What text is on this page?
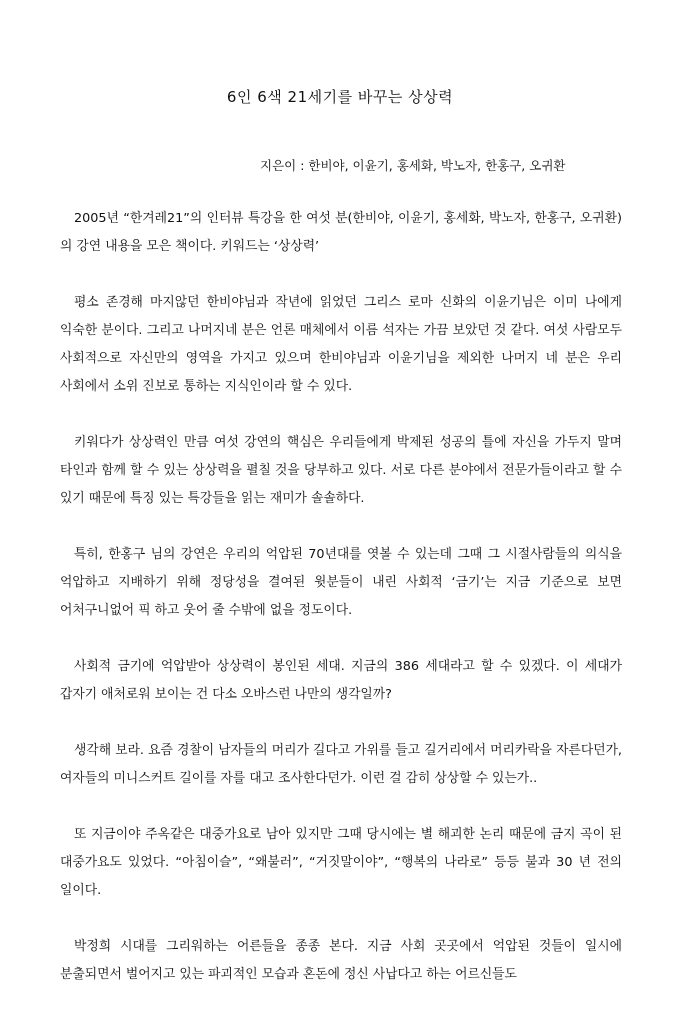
6인 6색 21세기를 바꾸는 상상력

지은이 : 한비야, 이윤기, 홍세화, 박노자, 한홍구, 오귀환

2005년 “한겨레21”의 인터뷰 특강을 한 여섯 분(한비야, 이윤기, 홍세화, 박노자, 한홍구, 오귀환)의 강연 내용을 모은 책이다. 키워드는 ‘상상력’

평소 존경해 마지않던 한비야님과 작년에 읽었던 그리스 로마 신화의 이윤기님은 이미 나에게 익숙한 분이다. 그리고 나머지네 분은 언론 매체에서 이름 석자는 가끔 보았던 것 같다. 여섯 사람모두 사회적으로 자신만의 영역을 가지고 있으며 한비야님과 이윤기님을 제외한 나머지 네 분은 우리 사회에서 소위 진보로 통하는 지식인이라 할 수 있다.

키워다가 상상력인 만큼 여섯 강연의 핵심은 우리들에게 박제된 성공의 틀에 자신을 가두지 말며 타인과 함께 할 수 있는 상상력을 펼칠 것을 당부하고 있다. 서로 다른 분야에서 전문가들이라고 할 수 있기 때문에 특징 있는 특강들을 읽는 재미가 솔솔하다.

특히, 한홍구 님의 강연은 우리의 억압된 70년대를 엿볼 수 있는데 그때 그 시절사람들의 의식을 억압하고 지배하기 위해 정당성을 결여된 윗분들이 내린 사회적 ‘금기’는 지금 기준으로 보면 어처구니없어 픽 하고 웃어 줄 수밖에 없을 정도이다.

사회적 금기에 억압받아 상상력이 봉인된 세대. 지금의 386 세대라고 할 수 있겠다. 이 세대가 갑자기 애처로워 보이는 건 다소 오바스런 나만의 생각일까?

생각해 보라. 요즘 경찰이 남자들의 머리가 길다고 가위를 들고 길거리에서 머리카락을 자른다던가, 여자들의 미니스커트 길이를 자를 대고 조사한다던가. 이런 걸 감히 상상할 수 있는가..

또 지금이야 주옥같은 대중가요로 남아 있지만 그때 당시에는 별 해괴한 논리 때문에 금지 곡이 된 대중가요도 있었다. “아침이슬”, “왜불러”, “거짓말이야”, “행복의 나라로” 등등 불과 30 년 전의 일이다.

박정희 시대를 그리워하는 어른들을 종종 본다. 지금 사회 곳곳에서 억압된 것들이 일시에 분출되면서 벌어지고 있는 파괴적인 모습과 혼돈에 정신 사납다고 하는 어르신들도
